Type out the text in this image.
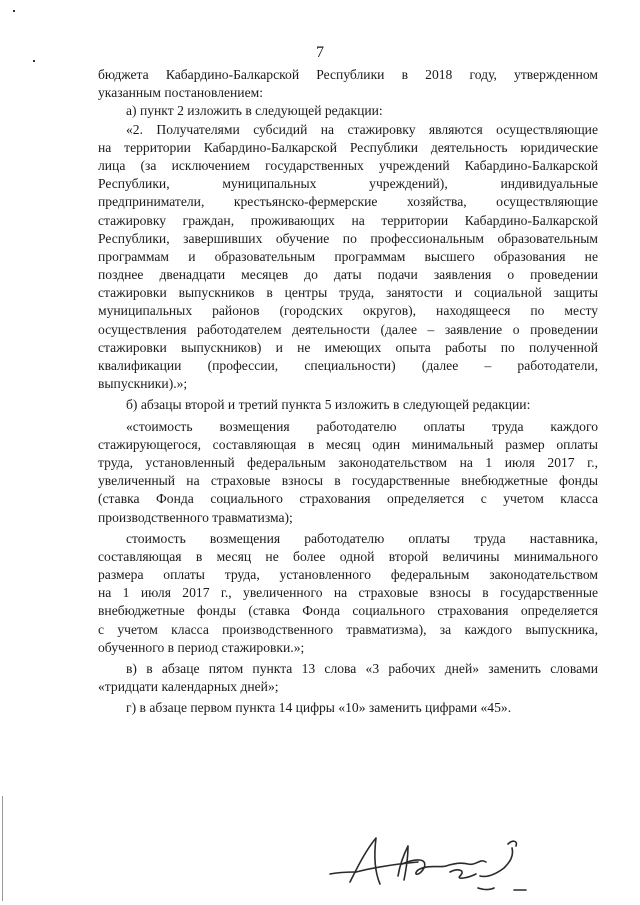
7
бюджета Кабардино-Балкарской Республики в 2018 году, утвержденном
указанным постановлением:
а) пункт 2 изложить в следующей редакции:
«2. Получателями субсидий на стажировку являются осуществляющие
на территории Кабардино-Балкарской Республики деятельность юридические
лица (за исключением государственных учреждений Кабардино-Балкарской
Республики, муниципальных учреждений), индивидуальные
предприниматели, крестьянско-фермерские хозяйства, осуществляющие
стажировку граждан, проживающих на территории Кабардино-Балкарской
Республики, завершивших обучение по профессиональным образовательным
программам и образовательным программам высшего образования не
позднее двенадцати месяцев до даты подачи заявления о проведении
стажировки выпускников в центры труда, занятости и социальной защиты
муниципальных районов (городских округов), находящееся по месту
осуществления работодателем деятельности (далее – заявление о проведении
стажировки выпускников) и не имеющих опыта работы по полученной
квалификации (профессии, специальности) (далее – работодатели,
выпускники).»;
б) абзацы второй и третий пункта 5 изложить в следующей редакции:
«стоимость возмещения работодателю оплаты труда каждого
стажирующегося, составляющая в месяц один минимальный размер оплаты
труда, установленный федеральным законодательством на 1 июля 2017 г.,
увеличенный на страховые взносы в государственные внебюджетные фонды
(ставка Фонда социального страхования определяется с учетом класса
производственного травматизма);
стоимость возмещения работодателю оплаты труда наставника,
составляющая в месяц не более одной второй величины минимального
размера оплаты труда, установленного федеральным законодательством
на 1 июля 2017 г., увеличенного на страховые взносы в государственные
внебюджетные фонды (ставка Фонда социального страхования определяется
с учетом класса производственного травматизма), за каждого выпускника,
обученного в период стажировки.»;
в) в абзаце пятом пункта 13 слова «3 рабочих дней» заменить словами
«тридцати календарных дней»;
г) в абзаце первом пункта 14 цифры «10» заменить цифрами «45».
